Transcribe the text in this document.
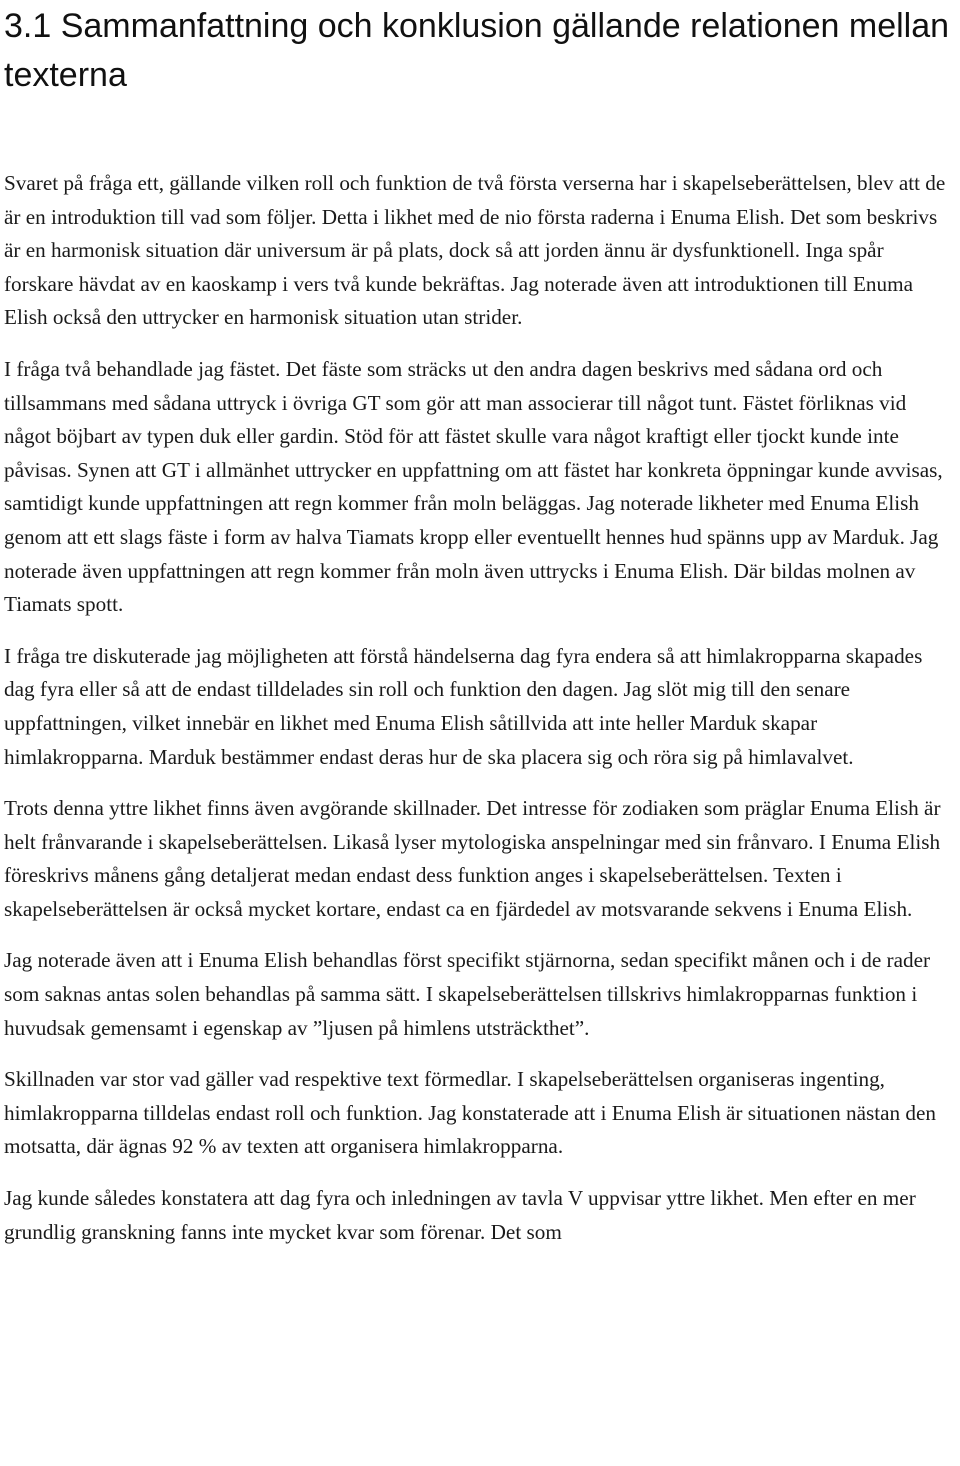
3.1 Sammanfattning och konklusion gällande relationen mellan texterna

Svaret på fråga ett, gällande vilken roll och funktion de två första verserna har i skapelseberättelsen, blev att de är en introduktion till vad som följer. Detta i likhet med de nio första raderna i Enuma Elish. Det som beskrivs är en harmonisk situation där universum är på plats, dock så att jorden ännu är dysfunktionell. Inga spår forskare hävdat av en kaoskamp i vers två kunde bekräftas. Jag noterade även att introduktionen till Enuma Elish också den uttrycker en harmonisk situation utan strider.

I fråga två behandlade jag fästet. Det fäste som sträcks ut den andra dagen beskrivs med sådana ord och tillsammans med sådana uttryck i övriga GT som gör att man associerar till något tunt. Fästet förliknas vid något böjbart av typen duk eller gardin. Stöd för att fästet skulle vara något kraftigt eller tjockt kunde inte påvisas. Synen att GT i allmänhet uttrycker en uppfattning om att fästet har konkreta öppningar kunde avvisas, samtidigt kunde uppfattningen att regn kommer från moln beläggas. Jag noterade likheter med Enuma Elish genom att ett slags fäste i form av halva Tiamats kropp eller eventuellt hennes hud spänns upp av Marduk. Jag noterade även uppfattningen att regn kommer från moln även uttrycks i Enuma Elish. Där bildas molnen av Tiamats spott.

I fråga tre diskuterade jag möjligheten att förstå händelserna dag fyra endera så att himlakropparna skapades dag fyra eller så att de endast tilldelades sin roll och funktion den dagen. Jag slöt mig till den senare uppfattningen, vilket innebär en likhet med Enuma Elish såtillvida att inte heller Marduk skapar himlakropparna. Marduk bestämmer endast deras hur de ska placera sig och röra sig på himlavalvet.

Trots denna yttre likhet finns även avgörande skillnader. Det intresse för zodiaken som präglar Enuma Elish är helt frånvarande i skapelseberättelsen. Likaså lyser mytologiska anspelningar med sin frånvaro. I Enuma Elish föreskrivs månens gång detaljerat medan endast dess funktion anges i skapelseberättelsen. Texten i skapelseberättelsen är också mycket kortare, endast ca en fjärdedel av motsvarande sekvens i Enuma Elish.

Jag noterade även att i Enuma Elish behandlas först specifikt stjärnorna, sedan specifikt månen och i de rader som saknas antas solen behandlas på samma sätt. I skapelseberättelsen tillskrivs himlakropparnas funktion i huvudsak gemensamt i egenskap av ”ljusen på himlens utsträckthet”.

Skillnaden var stor vad gäller vad respektive text förmedlar. I skapelseberättelsen organiseras ingenting, himlakropparna tilldelas endast roll och funktion. Jag konstaterade att i Enuma Elish är situationen nästan den motsatta, där ägnas 92 % av texten att organisera himlakropparna.

Jag kunde således konstatera att dag fyra och inledningen av tavla V uppvisar yttre likhet. Men efter en mer grundlig granskning fanns inte mycket kvar som förenar. Det som
